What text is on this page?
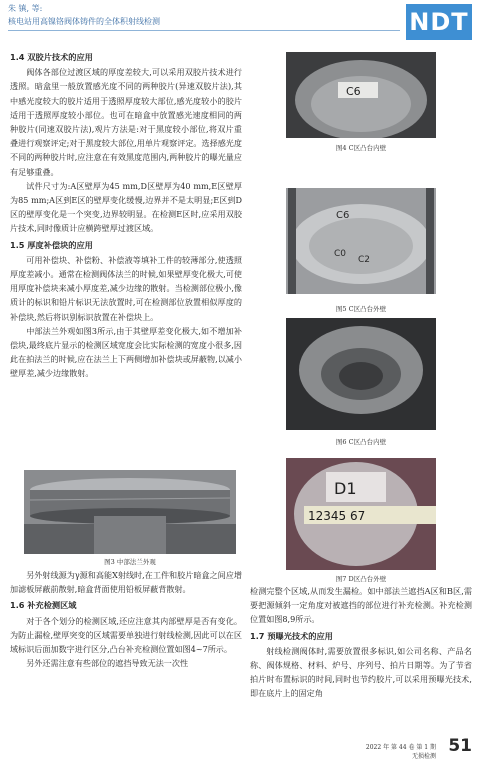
朱 镇, 等:
核电站用高镍铬阀体铸件的全体积射线检测	NDT
1.4 双胶片技术的应用

阀体各部位过渡区域的厚度差较大,可以采用双胶片技术进行透照。暗盒里一般放置感光度不同的两种胶片(异速双胶片法),其中感光度较大的胶片适用于透照厚度较大部位,感光度较小的胶片适用于透照厚度较小部位。也可在暗盒中放置感光速度相同的两种胶片(同速双胶片法),观片方法是:对于黑度较小部位,将双片重叠进行观察评定;对于黑度较大部位,用单片观察评定。选择感光度不同的两种胶片时,应注意在有效黑度范围内,两种胶片的曝光量应有足够重叠。

试件尺寸为:A区壁厚为45 mm,D区壁厚为40 mm,E区壁厚为85 mm;A区到E区的壁厚变化缓慢,边界并不是太明显;E区到D区的壁厚变化是一个突变,边界较明显。在检测E区时,应采用双胶片技术,同时像质计应横跨壁厚过渡区域。

1.5 厚度补偿块的应用

可用补偿块、补偿粉、补偿液等填补工件的较薄部分,使透照厚度差减小。通常在检测阀体法兰的时候,如果壁厚变化极大,可使用厚度补偿块来减小厚度差,减少边缘的散射。当检测部位极小,像质计的标识和铅片标识无法放置时,可在检测部位放置相似厚度的补偿块,然后将识别标识放置在补偿块上。

中部法兰外观如图3所示,由于其壁厚差变化极大,如不增加补偿块,最终底片显示的检测区域宽度会比实际检测的宽度小很多,因此在拍法兰的时候,应在法兰上下两侧增加补偿块或屏蔽物,以减小壁厚差,减少边缘散射。

图3 中部法兰外观

另外射线源为γ源和高能X射线时,在工件和胶片暗盒之间应增加滤板屏蔽前散射,暗盒背面使用铅板屏蔽背散射。

1.6 补充检测区域

对于各个划分的检测区域,还应注意其内部壁厚是否有变化。为防止漏检,壁厚突变的区域需要单独进行射线检测,因此可以在区域标识后面加数字进行区分,凸台补充检测位置如图4~7所示。

另外还需注意有些部位的遮挡导致无法一次性

C6
图4 C区凸台内壁
C6
C0
C2
图5 C区凸台外壁
图6 C区凸台内壁
D1
12345 67
图7 D区凸台外壁

检测完整个区域,从而发生漏检。如中部法兰遮挡A区和B区,需要把源倾斜一定角度对被遮挡的部位进行补充检测。补充检测位置如图8,9所示。

1.7 预曝光技术的应用

射线检测阀体时,需要放置很多标识,如公司名称、产品名称、阀体规格、材料、炉号、序列号、拍片日期等。为了节省拍片时布置标识的时间,同时也节约胶片,可以采用预曝光技术,即在底片上的固定角

2022 年 第 44 卷 第 1 期
无损检测
51
